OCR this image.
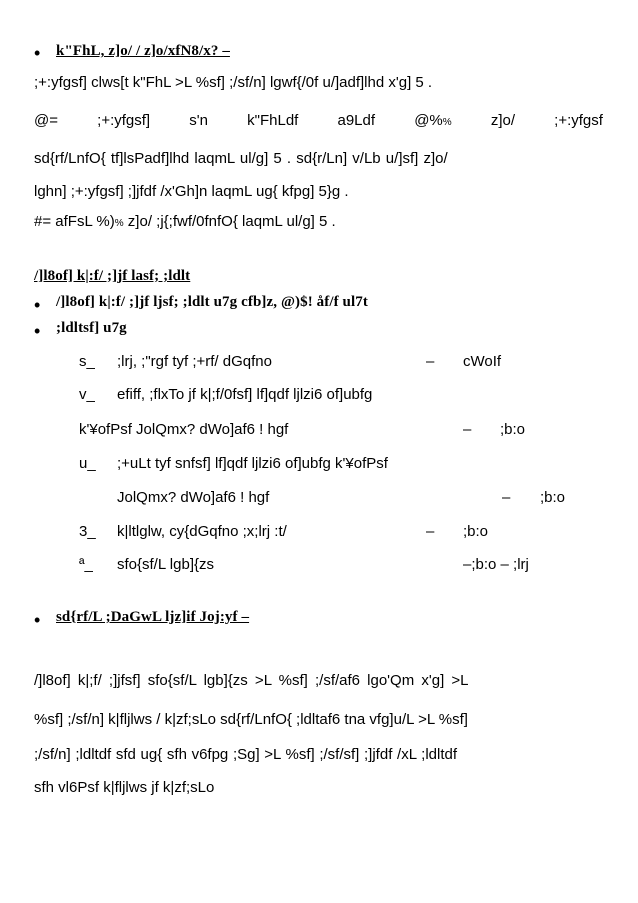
• k"FhL, z]o/ / z]o/xfN8/x? –
;+:yfgsf] clws[t k"FhL >L %sf] ;/sf/n] lgwf{/0f u/]adf]lhd x'g] 5 .
@=	;+:yfgsf]	s'n	k"FhLdf	a9Ldf	@%%	z]o/	;+:yfgsf
sd{rf/LnfO{ tf]lsPadf]lhd laqmL ul/g] 5 . sd{r/Ln] v/Lb u/]sf] z]o/
lghn] ;+:yfgsf] ;]jfdf /x'Gh]n laqmL ug{ kfpg] 5}g .
#= afFsL %)% z]o/ ;j{;fwf/0fnfO{ laqmL ul/g] 5 .
/]l8of] k|:f/ ;]jf lasf; ;ldlt
• /]l8of] k|:f/ ;]jf ljsf; ;ldlt u7g cfb]z, @)$! åf/f ul7t
• ;ldltsf] u7g
s_ ;lrj, ;"rgf tyf ;+rf/ dGqfno	– cWoIf
v_ efiff, ;flxTo jf k|;f/0fsf] lf]qdf ljlzi6 of]ubfg
k'¥ofPsf JolQmx? dWo]af6 ! hgf	– ;b:o
u_ ;+uLt tyf snfsf] lf]qdf ljlzi6 of]ubfg k'¥ofPsf
JolQmx? dWo]af6 ! hgf	– ;b:o
3_ k|ltlglw, cy{dGqfno ;x;lrj :t/	– ;b:o
ª_ sfo{sf/L lgb]{zs	–;b:o – ;lrj
• sd{rf/L ;DaGwL ljz]if Joj:yf –
/]l8of] k|;f/ ;]jfsf] sfo{sf/L lgb]{zs >L %sf] ;/sf/af6 lgo'Qm x'g] >L
%sf] ;/sf/n] k|fljlws / k|zf;sLo sd{rf/LnfO{ ;ldltaf6 tna vfg]u/L >L %sf]
;/sf/n] ;ldltdf sfd ug{ sfh v6fpg ;Sg] >L %sf] ;/sf/sf] ;]jfdf /xL ;ldltdf
sfh vl6Psf k|fljlws jf k|zf;sLo
